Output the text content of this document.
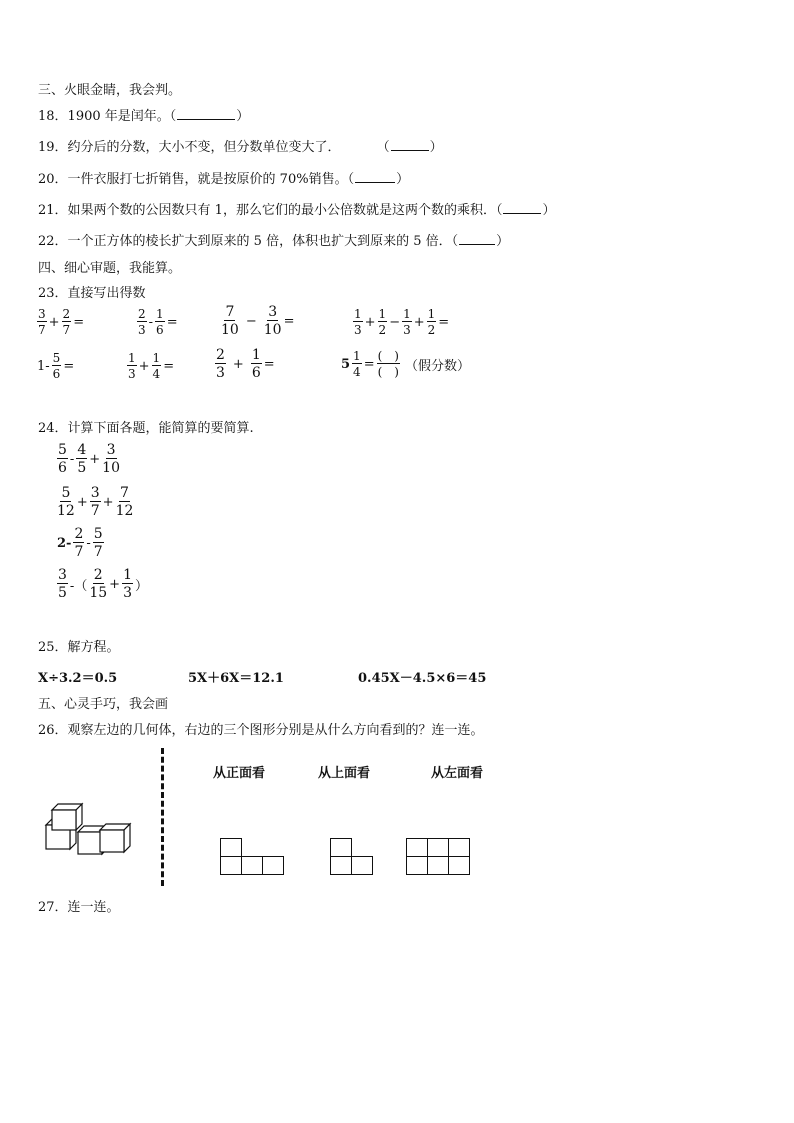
三、火眼金睛，我会判。
18．1900 年是闰年。（	）
19．约分后的分数，大小不变，但分数单位变大了．	（	）
20．一件衣服打七折销售，就是按原价的 70%销售。（	）
21．如果两个数的公因数只有 1，那么它们的最小公倍数就是这两个数的乘积．（	）
22．一个正方体的棱长扩大到原来的 5 倍，体积也扩大到原来的 5 倍．（	）
四、细心审题，我能算。
23．直接写出得数
$\frac{3}{7} + \frac{2}{7}$ =	$\frac{2}{3} - \frac{1}{6}$ =	$\frac{7}{10} - \frac{3}{10}$ =	$\frac{1}{3} + \frac{1}{2} - \frac{1}{3} + \frac{1}{2}$ =
$1- \frac{5}{6}$ =	$\frac{1}{3} + \frac{1}{4}$ =	$\frac{2}{3} + \frac{1}{6}$ =	$5 \frac{1}{4} = \frac{( )}{( )}$ （假分数）
24．计算下面各题，能简算的要简算.
$\frac{5}{6} - \frac{4}{5} + \frac{3}{10}$
$\frac{5}{12} + \frac{3}{7} + \frac{7}{12}$
$2- \frac{2}{7} - \frac{5}{7}$
$\frac{3}{5}$ -（ $\frac{2}{15} + \frac{1}{3}$ ）
25．解方程。
X÷3.2＝0.5	5X＋6X＝12.1	0.45X－4.5×6＝45
五、心灵手巧，我会画
26．观察左边的几何体，右边的三个图形分别是从什么方向看到的？连一连。
从正面看	从上面看	从左面看
27．连一连。
